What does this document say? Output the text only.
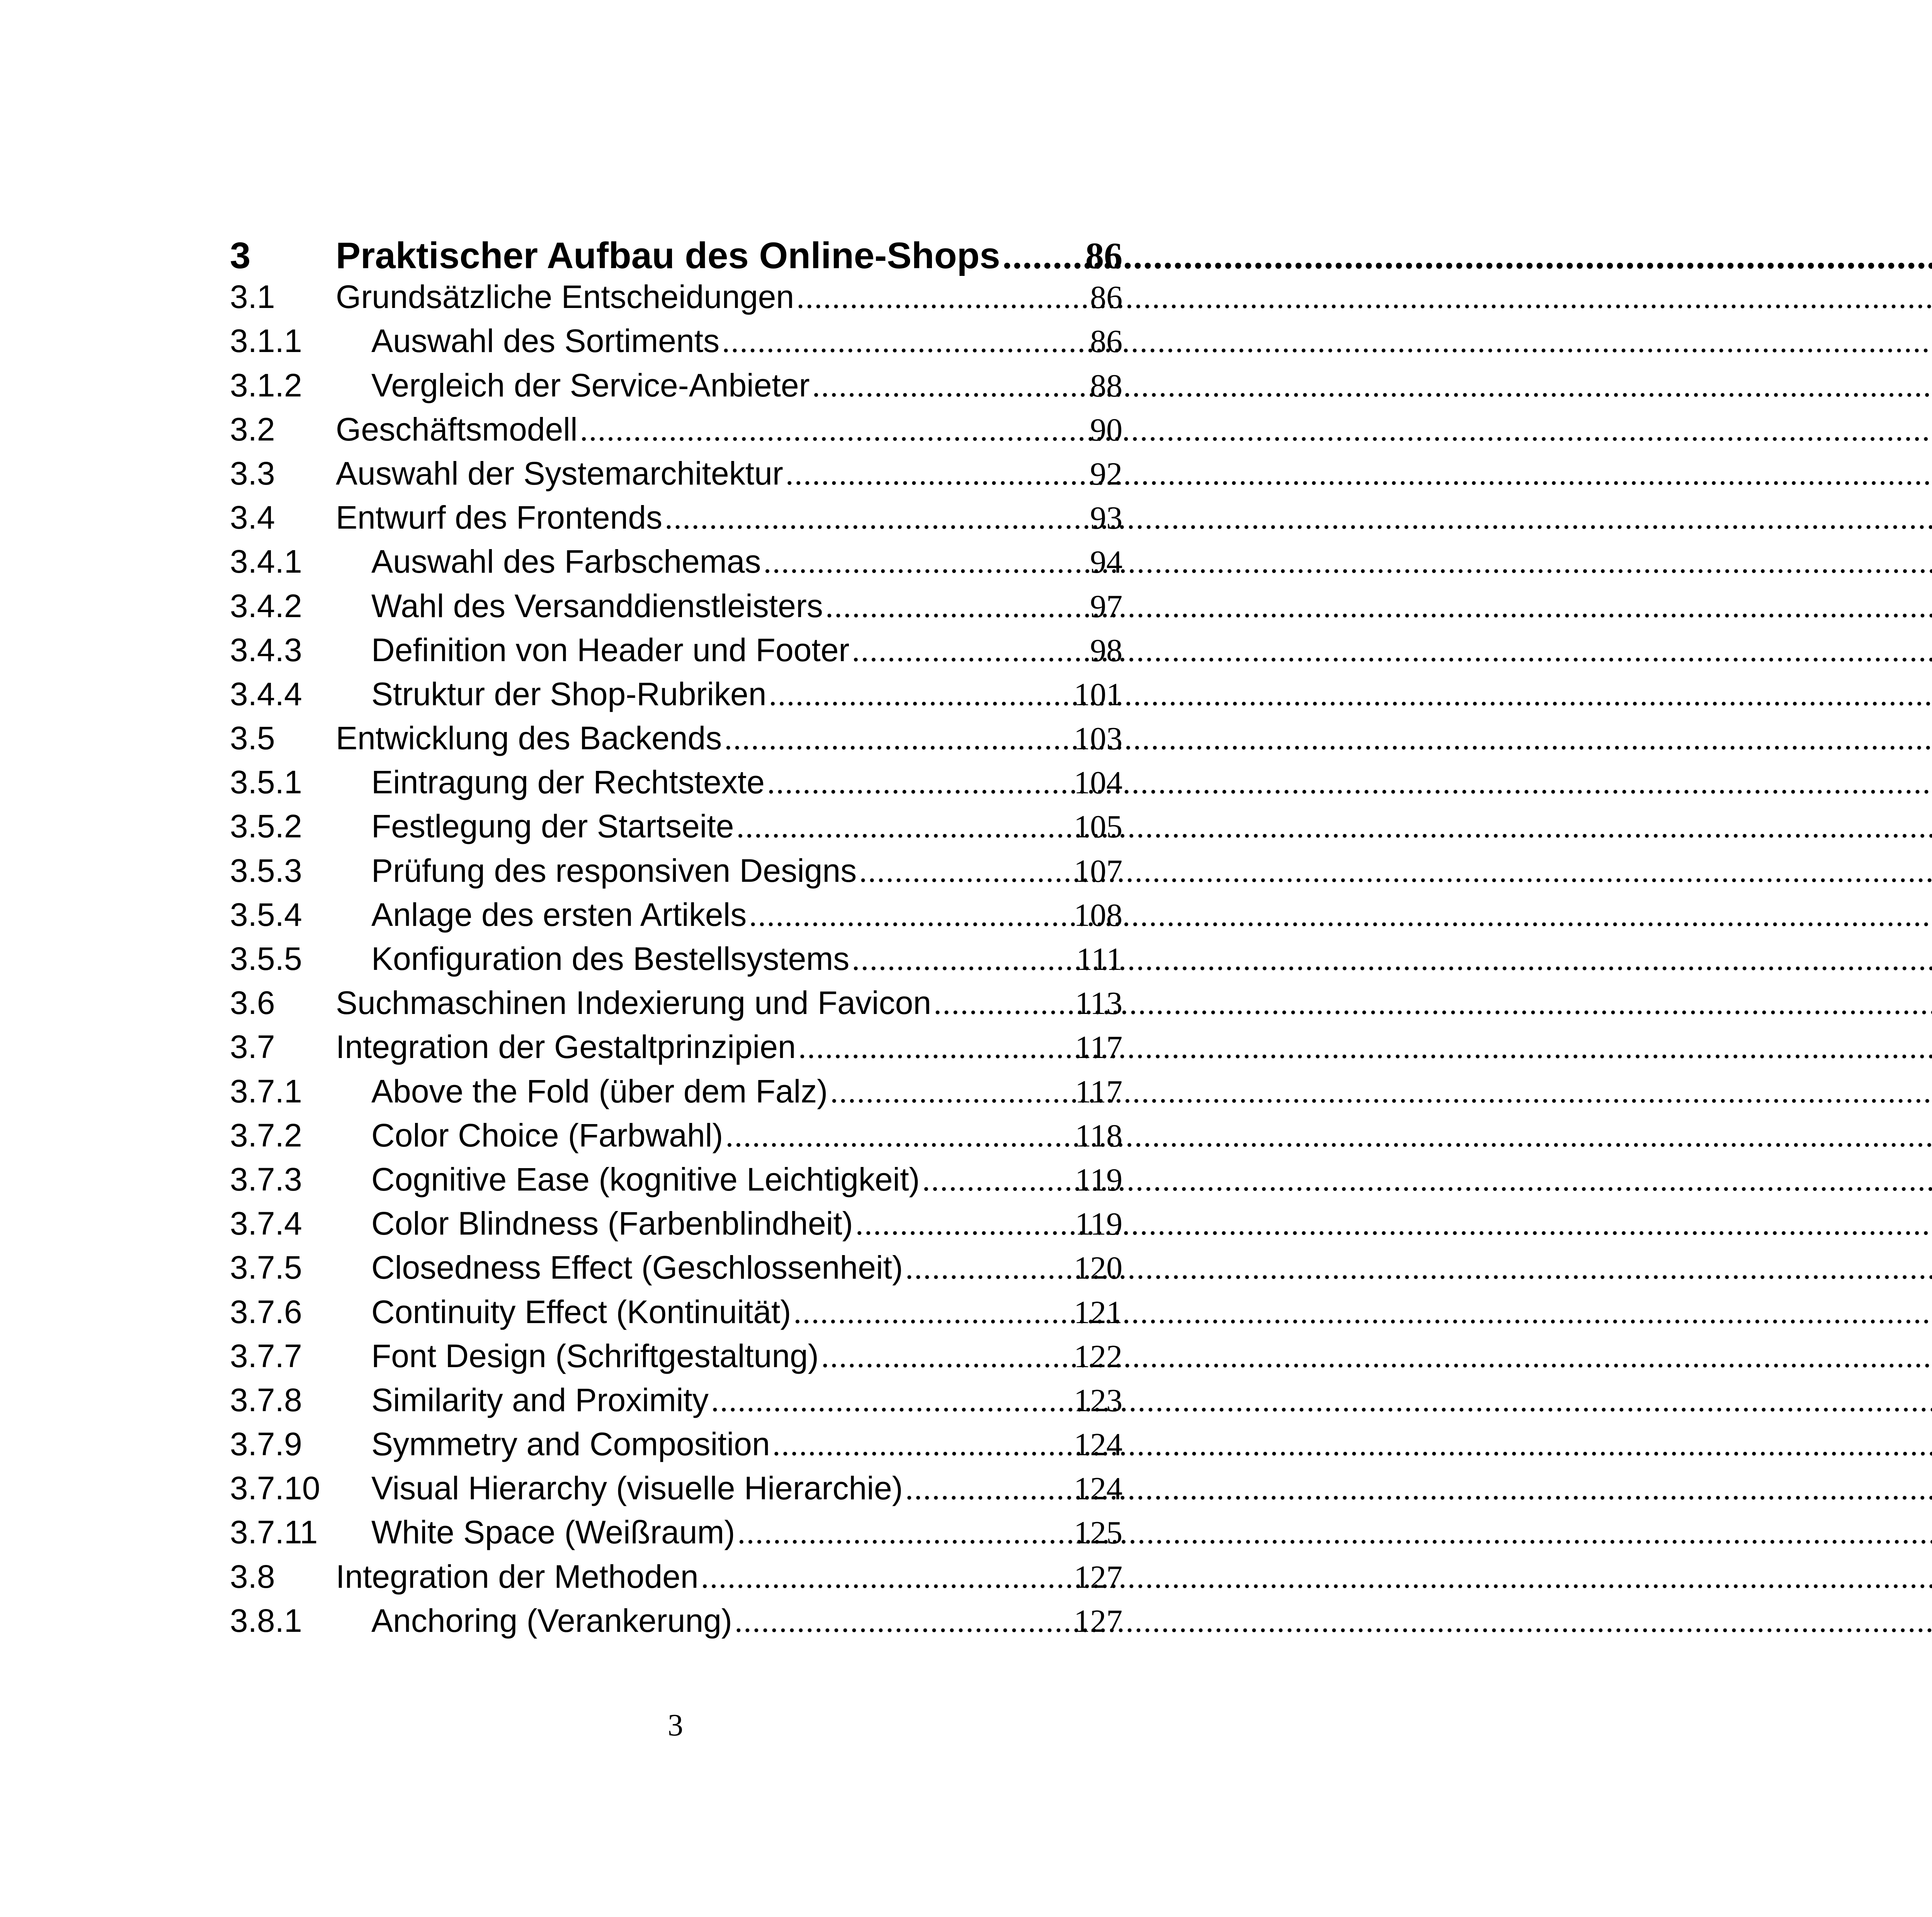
3	Praktischer Aufbau des Online-Shops ..... 86
3.1	Grundsätzliche Entscheidungen .....	86
3.1.1	Auswahl des Sortiments .....	86
3.1.2	Vergleich der Service-Anbieter .....	88
3.2	Geschäftsmodell .....	90
3.3	Auswahl der Systemarchitektur .....	92
3.4	Entwurf des Frontends .....	93
3.4.1	Auswahl des Farbschemas .....	94
3.4.2	Wahl des Versanddienstleisters .....	97
3.4.3	Definition von Header und Footer .....	98
3.4.4	Struktur der Shop-Rubriken .....	101
3.5	Entwicklung des Backends .....	103
3.5.1	Eintragung der Rechtstexte .....	104
3.5.2	Festlegung der Startseite .....	105
3.5.3	Prüfung des responsiven Designs .....	107
3.5.4	Anlage des ersten Artikels .....	108
3.5.5	Konfiguration des Bestellsystems .....	111
3.6	Suchmaschinen Indexierung und Favicon .....	113
3.7	Integration der Gestaltprinzipien .....	117
3.7.1	Above the Fold (über dem Falz) .....	117
3.7.2	Color Choice (Farbwahl) .....	118
3.7.3	Cognitive Ease (kognitive Leichtigkeit) .....	119
3.7.4	Color Blindness (Farbenblindheit) .....	119
3.7.5	Closedness Effect (Geschlossenheit) .....	120
3.7.6	Continuity Effect (Kontinuität) .....	121
3.7.7	Font Design (Schriftgestaltung) .....	122
3.7.8	Similarity and Proximity .....	123
3.7.9	Symmetry and Composition .....	124
3.7.10	Visual Hierarchy (visuelle Hierarchie) .....	124
3.7.11	White Space (Weißraum) .....	125
3.8	Integration der Methoden .....	127
3.8.1	Anchoring (Verankerung) .....	127
3
